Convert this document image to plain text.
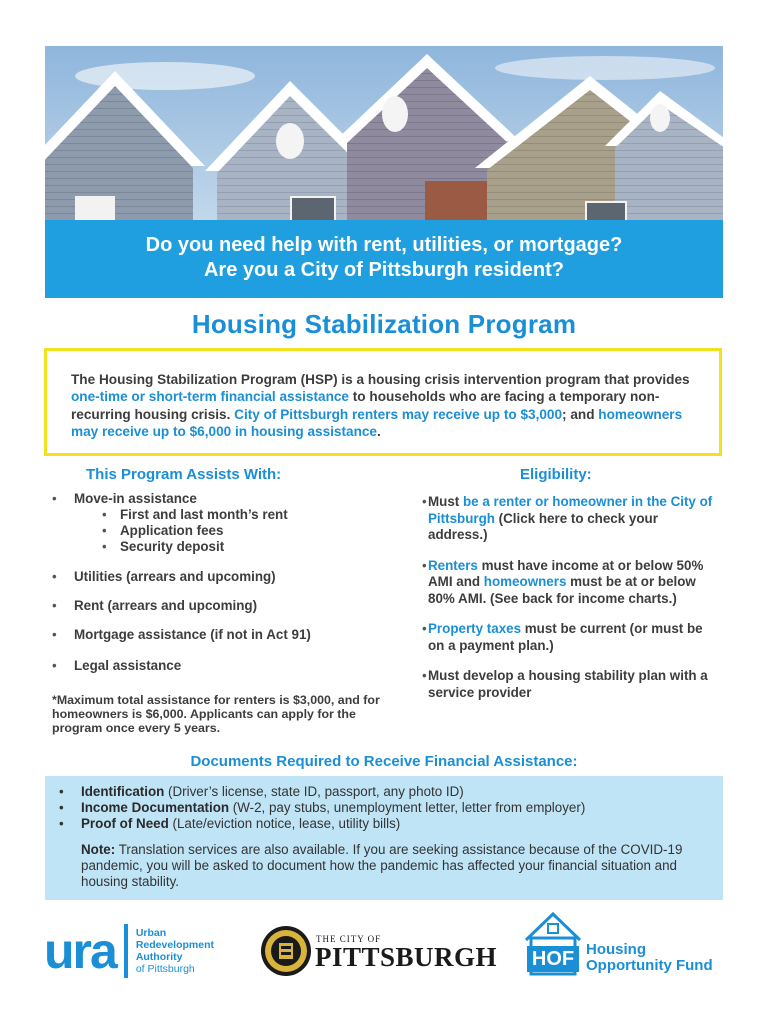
Do you need help with rent, utilities, or mortgage?
Are you a City of Pittsburgh resident?
Housing Stabilization Program
The Housing Stabilization Program (HSP) is a housing crisis intervention program that provides one-time or short-term financial assistance to households who are facing a temporary non-recurring housing crisis. City of Pittsburgh renters may receive up to $3,000; and homeowners may receive up to $6,000 in housing assistance.
This Program Assists With:
• Move-in assistance
• First and last month’s rent
• Application fees
• Security deposit
• Utilities (arrears and upcoming)
• Rent (arrears and upcoming)
• Mortgage assistance (if not in Act 91)
• Legal assistance
*Maximum total assistance for renters is $3,000, and for homeowners is $6,000. Applicants can apply for the program once every 5 years.
Eligibility:
• Must be a renter or homeowner in the City of Pittsburgh (Click here to check your address.)
• Renters must have income at or below 50% AMI and homeowners must be at or below 80% AMI. (See back for income charts.)
• Property taxes must be current (or must be on a payment plan.)
• Must develop a housing stability plan with a service provider
Documents Required to Receive Financial Assistance:
• Identification (Driver’s license, state ID, passport, any photo ID)
• Income Documentation (W-2, pay stubs, unemployment letter, letter from employer)
• Proof of Need (Late/eviction notice, lease, utility bills)
Note: Translation services are also available. If you are seeking assistance because of the COVID-19 pandemic, you will be asked to document how the pandemic has affected your financial situation and housing stability.
ura Urban
Redevelopment
Authority
of Pittsburgh
THE CITY OF
PITTSBURGH HOF Housing
Opportunity Fund
